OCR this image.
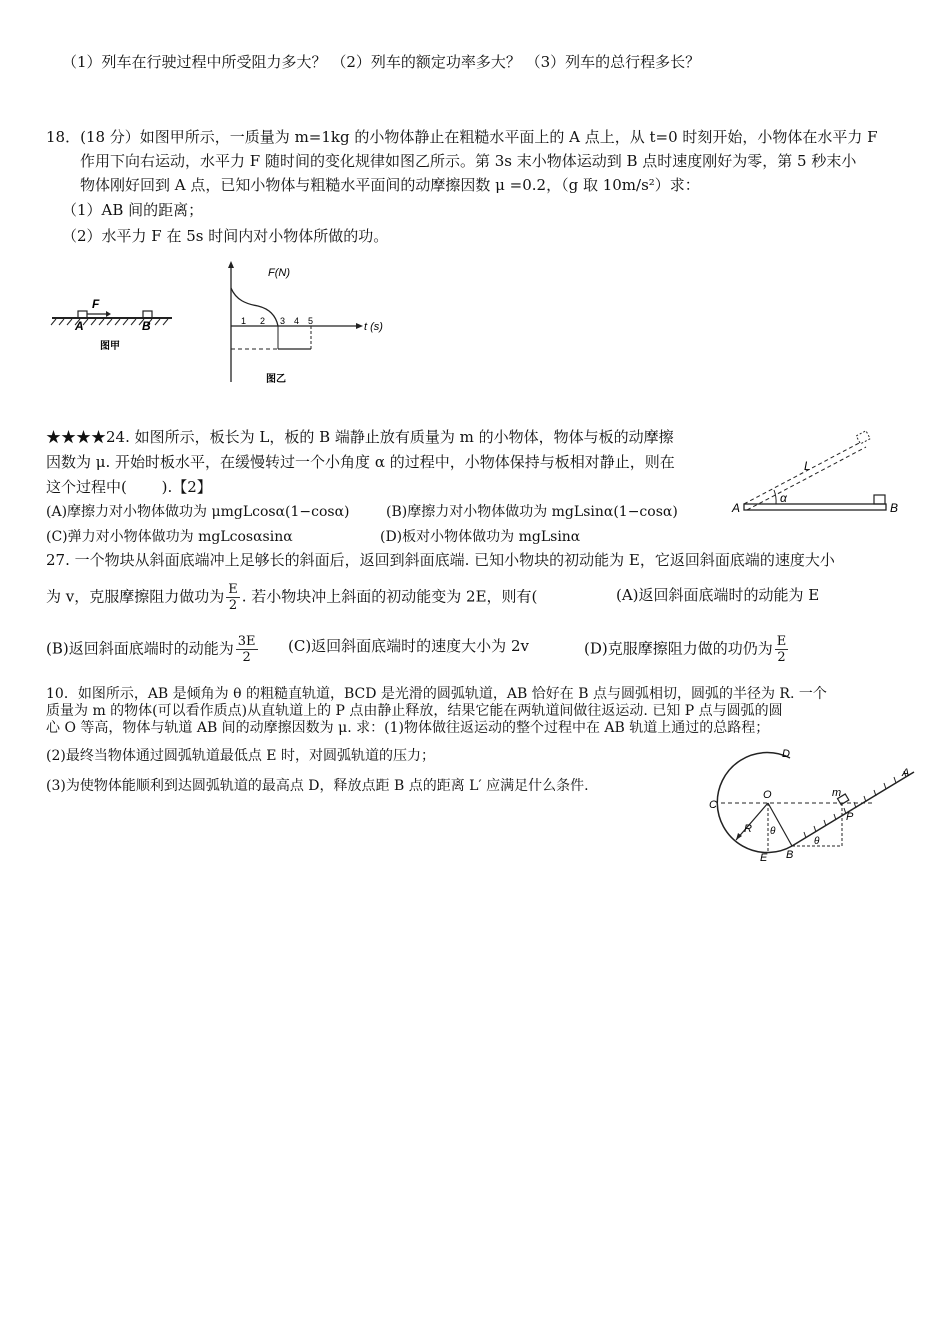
（1）列车在行驶过程中所受阻力多大？ （2）列车的额定功率多大？ （3）列车的总行程多长？
18．(18 分）如图甲所示，一质量为 m=1kg 的小物体静止在粗糙水平面上的 A 点上，从 t=0 时刻开始，小物体在水平力 F
作用下向右运动，水平力 F 随时间的变化规律如图乙所示。第 3s 末小物体运动到 B 点时速度刚好为零，第 5 秒末小
物体刚好回到 A 点，已知小物体与粗糙水平面间的动摩擦因数 μ =0.2，（g 取 10m/s²）求：
（1）AB 间的距离；
（2）水平力 F 在 5s 时间内对小物体所做的功。
F
A	B
图甲
F(N)
t (s)
1 2 3 4 5
图乙
★★★★24. 如图所示，板长为 L，板的 B 端静止放有质量为 m 的小物体，物体与板的动摩擦
因数为 μ. 开始时板水平，在缓慢转过一个小角度 α 的过程中，小物体保持与板相对静止，则在
这个过程中(　　 ).【2】
(A)摩擦力对小物体做功为 μmgLcosα(1−cosα)	(B)摩擦力对小物体做功为 mgLsinα(1−cosα)
(C)弹力对小物体做功为 mgLcosαsinα	(D)板对小物体做功为 mgLsinα
A	B
L
α
27. 一个物块从斜面底端冲上足够长的斜面后，返回到斜面底端. 已知小物块的初动能为 E，它返回斜面底端的速度大小
为 v，克服摩擦阻力做功为 $\frac{E}{2}$ . 若小物块冲上斜面的初动能变为 2E，则有(	(A)返回斜面底端时的动能为 E
(B)返回斜面底端时的动能为 $\frac{3E}{2} (C)$返回斜面底端时的速度大小为 2v	(D)克服摩擦阻力做的功仍为 $\frac{E}{2}$
10．如图所示，AB 是倾角为 θ 的粗糙直轨道，BCD 是光滑的圆弧轨道，AB 恰好在 B 点与圆弧相切，圆弧的半径为 R. 一个
质量为 m 的物体(可以看作质点)从直轨道上的 P 点由静止释放，结果它能在两轨道间做往返运动. 已知 P 点与圆弧的圆
心 O 等高，物体与轨道 AB 间的动摩擦因数为 μ. 求：(1)物体做往返运动的整个过程中在 AB 轨道上通过的总路程；
(2)最终当物体通过圆弧轨道最低点 E 时，对圆弧轨道的压力；
(3)为使物体能顺利到达圆弧轨道的最高点 D，释放点距 B 点的距离 L′ 应满足什么条件.
D
C
O
E B
P
A
R
m
θ
θ
